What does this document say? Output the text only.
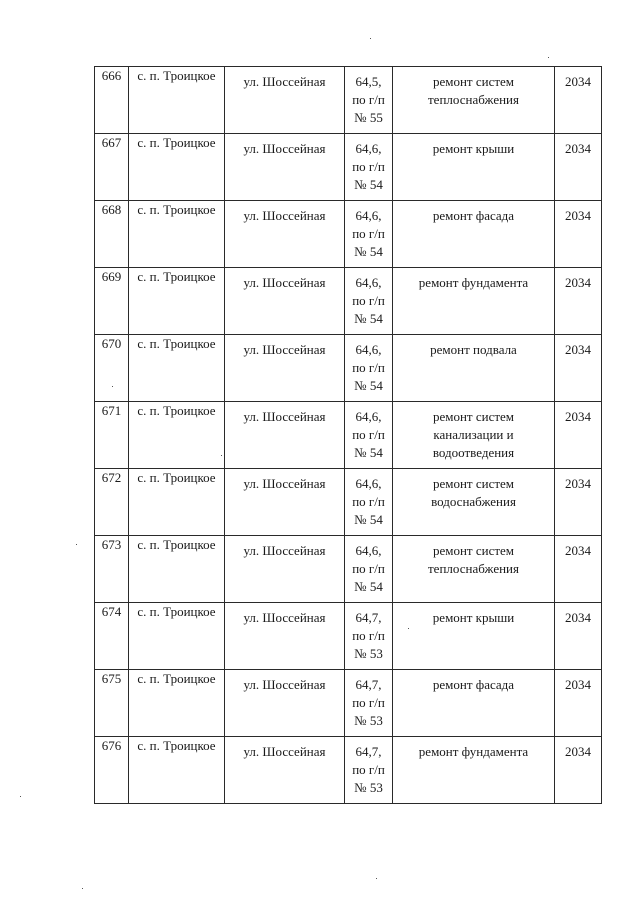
666	с. п. Троицкое	ул. Шоссейная	64,5,
по г/п
№ 55	ремонт систем теплоснабжения	2034

667	с. п. Троицкое	ул. Шоссейная	64,6,
по г/п
№ 54	ремонт крыши	2034

668	с. п. Троицкое	ул. Шоссейная	64,6,
по г/п
№ 54	ремонт фасада	2034

669	с. п. Троицкое	ул. Шоссейная	64,6,
по г/п
№ 54	ремонт фундамента	2034

670	с. п. Троицкое	ул. Шоссейная	64,6,
по г/п
№ 54	ремонт подвала	2034

671	с. п. Троицкое	ул. Шоссейная	64,6,
по г/п
№ 54	ремонт систем канализации и водоотведения	2034

672	с. п. Троицкое	ул. Шоссейная	64,6,
по г/п
№ 54	ремонт систем водоснабжения	2034

673	с. п. Троицкое	ул. Шоссейная	64,6,
по г/п
№ 54	ремонт систем теплоснабжения	2034

674	с. п. Троицкое	ул. Шоссейная	64,7,
по г/п
№ 53	ремонт крыши	2034

675	с. п. Троицкое	ул. Шоссейная	64,7,
по г/п
№ 53	ремонт фасада	2034

676	с. п. Троицкое	ул. Шоссейная	64,7,
по г/п
№ 53	ремонт фундамента	2034
